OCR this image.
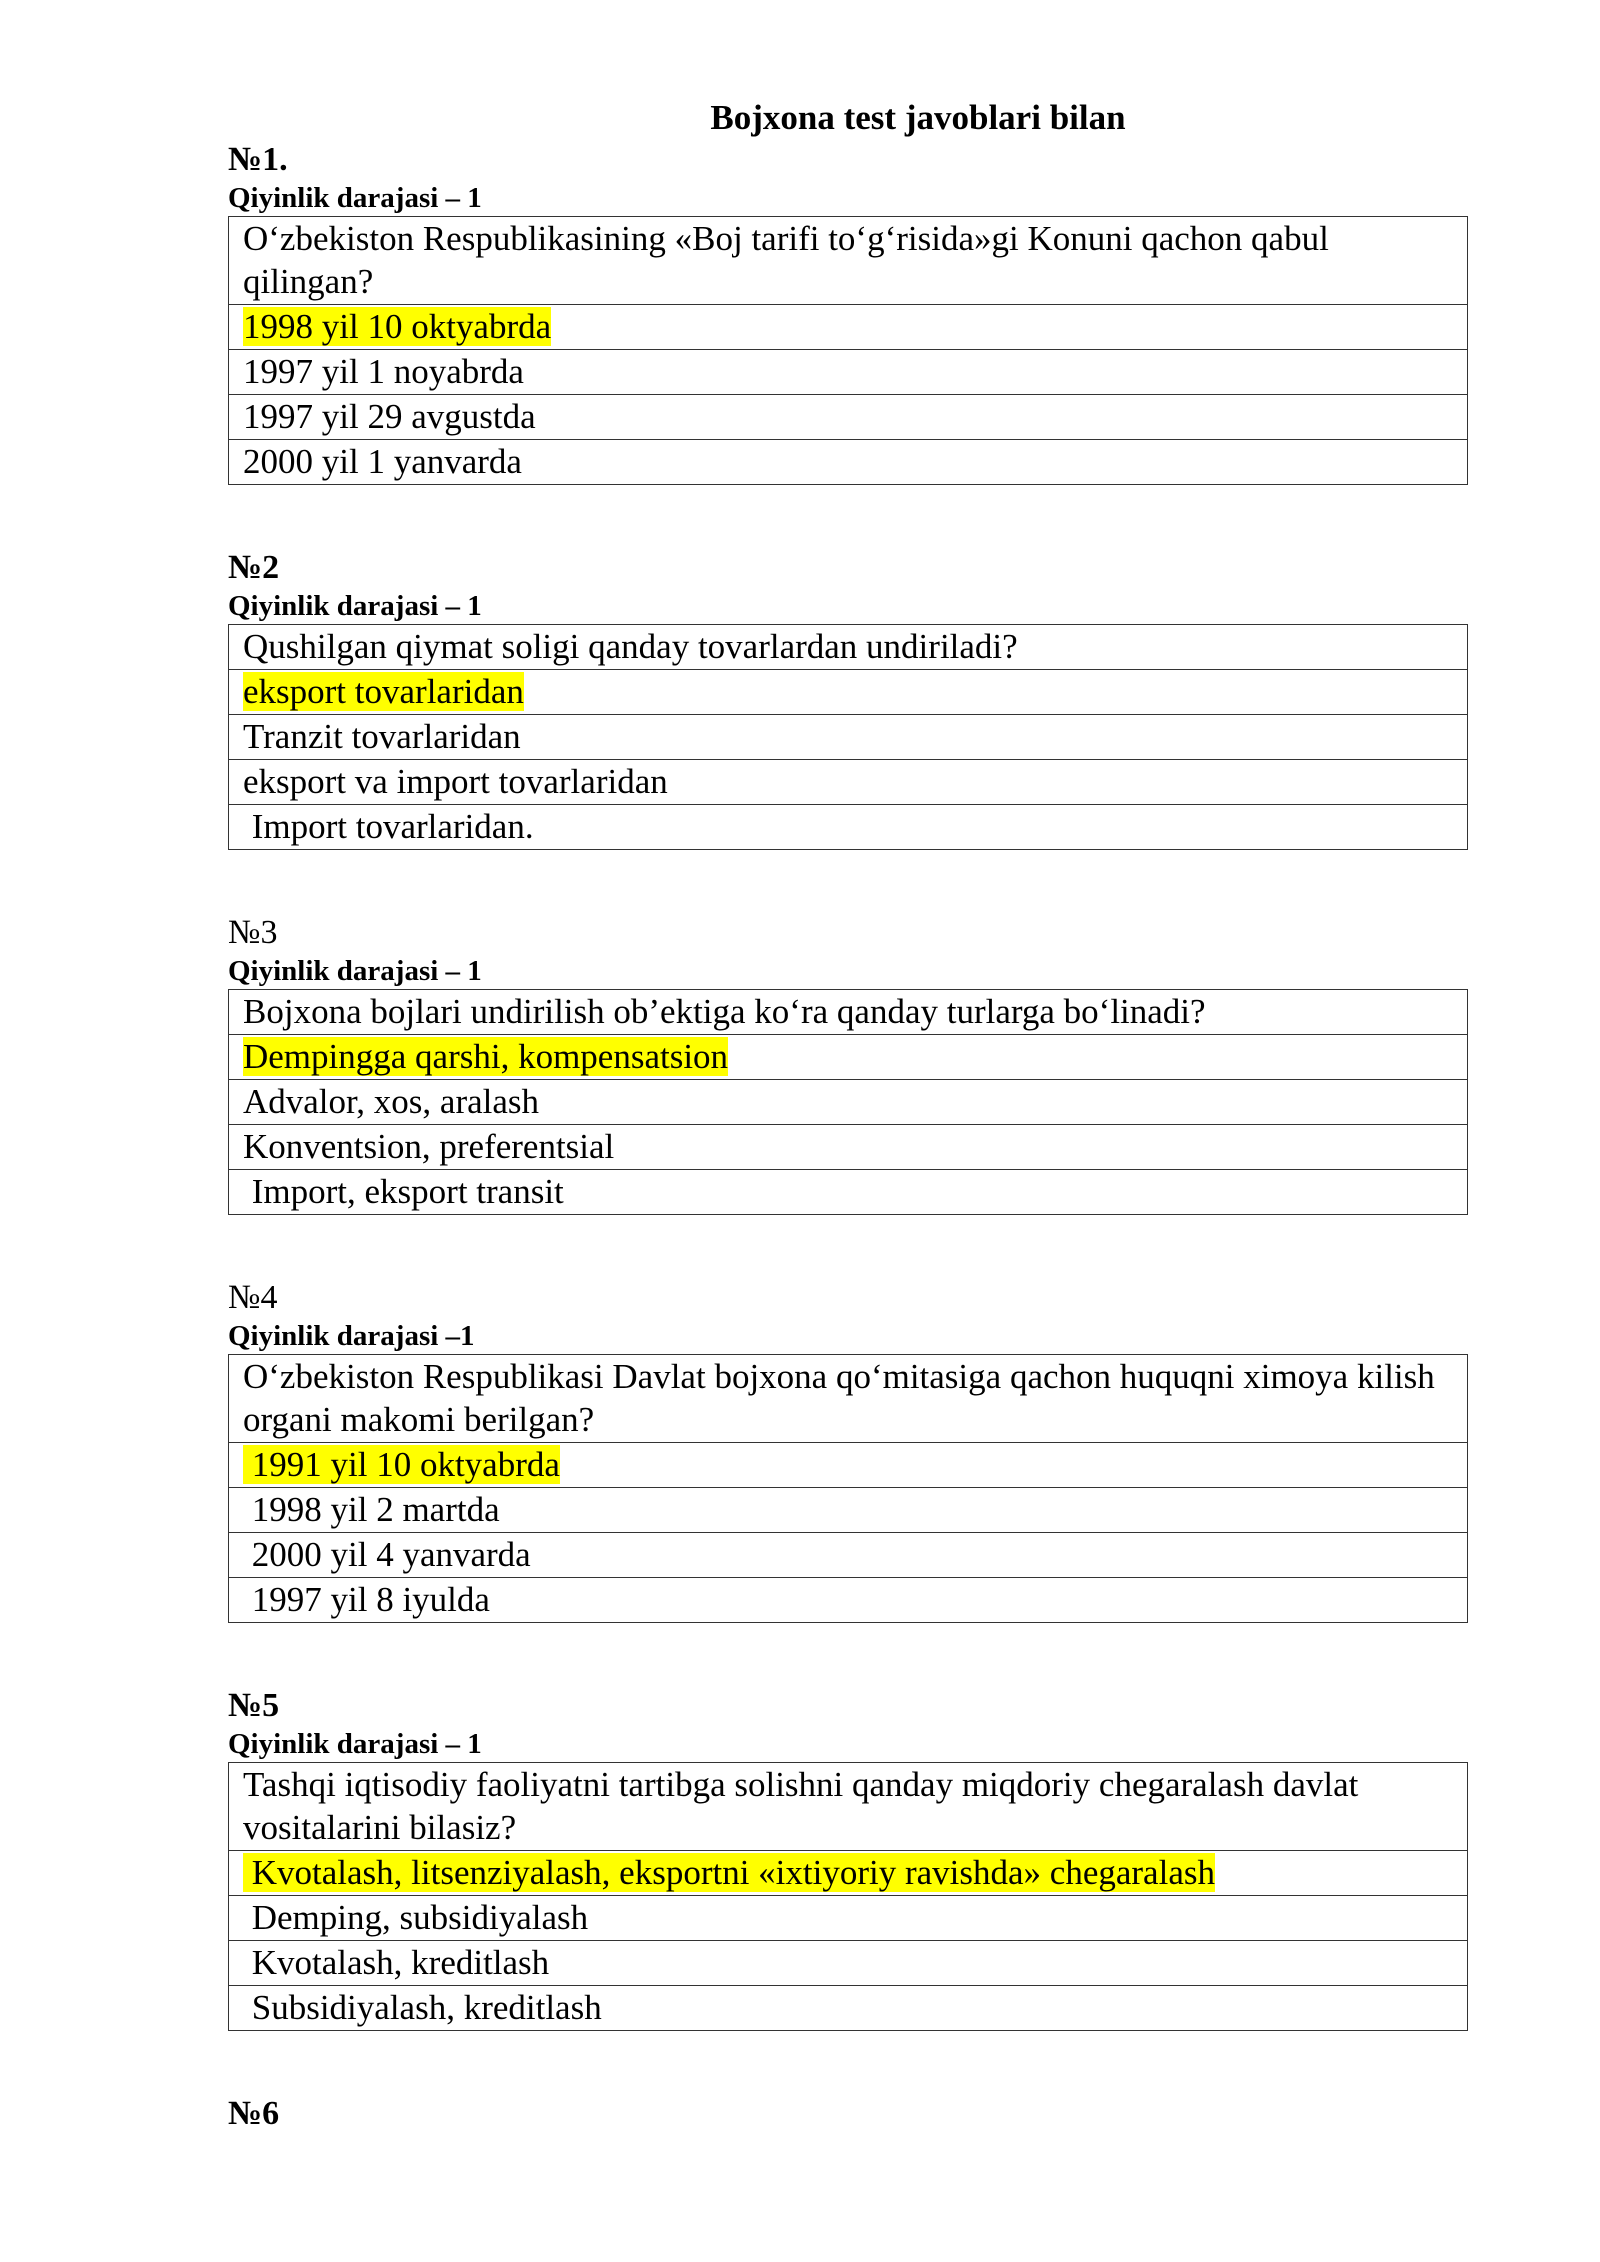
Bojxona test javoblari bilan
№1.
Qiyinlik darajasi – 1
O‘zbekiston Respublikasining «Boj tarifi to‘g‘risida»gi Konuni qachon qabul qilingan?
1998 yil 10 oktyabrda
1997 yil 1 noyabrda
1997 yil 29 avgustda
2000 yil 1 yanvarda
№2
Qiyinlik darajasi – 1
Qushilgan qiymat soligi qanday tovarlardan undiriladi?
eksport tovarlaridan
Tranzit tovarlaridan
eksport va import tovarlaridan
Import tovarlaridan.
№3
Qiyinlik darajasi – 1
Bojxona bojlari undirilish ob’ektiga ko‘ra qanday turlarga bo‘linadi?
Dempingga qarshi, kompensatsion
Advalor, xos, aralash
Konventsion, preferentsial
Import, eksport transit
№4
Qiyinlik darajasi –1
O‘zbekiston Respublikasi Davlat bojxona qo‘mitasiga qachon huquqni ximoya kilish organi makomi berilgan?
1991 yil 10 oktyabrda
1998 yil 2 martda
2000 yil 4 yanvarda
1997 yil 8 iyulda
№5
Qiyinlik darajasi – 1
Tashqi iqtisodiy faoliyatni tartibga solishni qanday miqdoriy chegaralash davlat vositalarini bilasiz?
Kvotalash, litsenziyalash, eksportni «ixtiyoriy ravishda» chegaralash
Demping, subsidiyalash
Kvotalash, kreditlash
Subsidiyalash, kreditlash
№6
